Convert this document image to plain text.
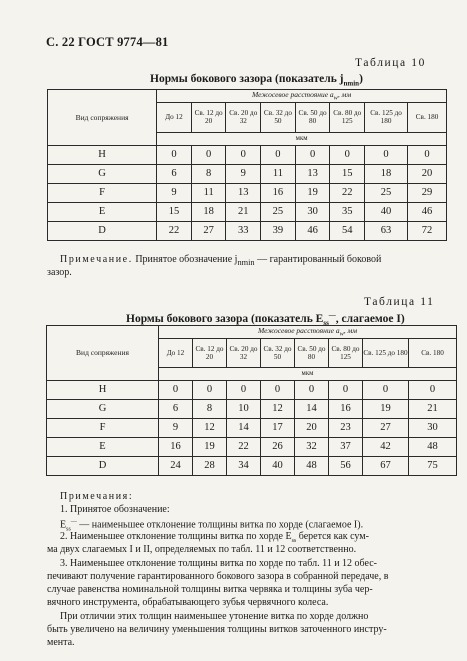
С. 22 ГОСТ 9774—81
Таблица 10
Нормы бокового зазора (показатель $j_{nmin}$)
Вид сопряжения	Межосевое расстояние $a_w$, мм							
	До 12	Св. 12 до 20	Св. 20 до 32	Св. 32 до 50	Св. 50 до 80	Св. 80 до 125	Св. 125 до 180	Св. 180
	мкм							
H	0	0	0	0	0	0	0	0
G	6	8	9	11	13	15	18	20
F	9	11	13	16	19	22	25	29
E	15	18	21	25	30	35	40	46
D	22	27	33	39	46	54	63	72
Примечание. Принятое обозначение $j_{nmin}$ — гарантированный боковой
зазор.
Таблица 11
Нормы бокового зазора (показатель $E_{ss}^—$, слагаемое I)
Вид сопряжения	Межосевое расстояние $a_w$, мм							
	До 12	Св. 12 до 20	Св. 20 до 32	Св. 32 до 50	Св. 50 до 80	Св. 80 до 125	Св. 125 до 180	Св. 180
	мкм							
H	0	0	0	0	0	0	0	0
G	6	8	10	12	14	16	19	21
F	9	12	14	17	20	23	27	30
E	16	19	22	26	32	37	42	48
D	24	28	34	40	48	56	67	75
Примечания:
1. Принятое обозначение:
$E_{ss}^—$ — наименьшее отклонение толщины витка по хорде (слагаемое I).
2. Наименьшее отклонение толщины витка по хорде $E_{ss}$ берется как сум-
ма двух слагаемых I и II, определяемых по табл. 11 и 12 соответственно.
3. Наименьшее отклонение толщины витка по хорде по табл. 11 и 12 обес-
печивают получение гарантированного бокового зазора в собранной передаче, в
случае равенства номинальной толщины витка червяка и толщины зуба чер-
вячного инструмента, обрабатывающего зубья червячного колеса.
При отличии этих толщин наименьшее утонение витка по хорде должно
быть увеличено на величину уменьшения толщины витков заточенного инстру-
мента.
